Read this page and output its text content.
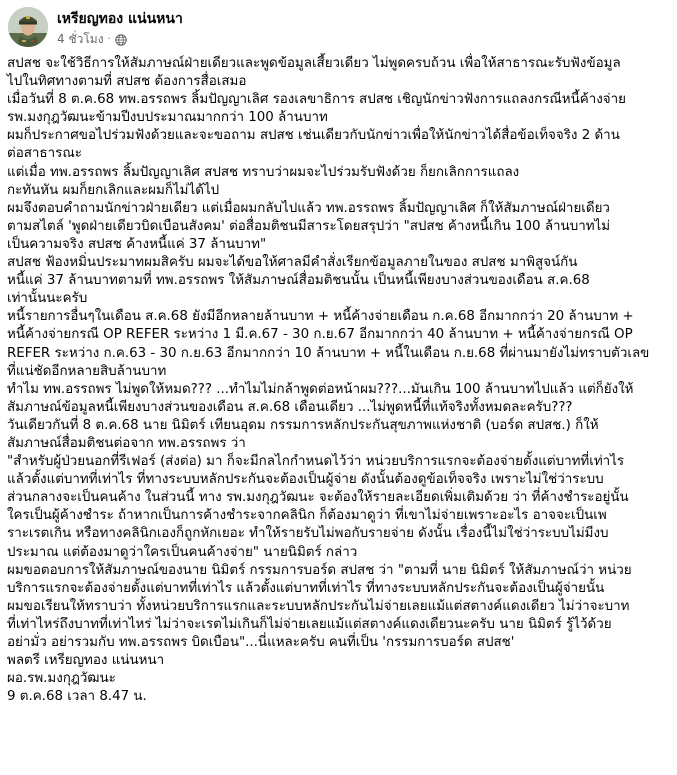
เหรียญทอง แน่นหนา
4 ชั่วโมง ·
สปสช จะใช้วิธีการให้สัมภาษณ์ฝ่ายเดียวและพูดข้อมูลเสี้ยวเดียว ไม่พูดครบถ้วน เพื่อให้สาธารณะรับฟังข้อมูล
ไปในทิศทางตามที่ สปสช ต้องการสื่อเสมอ
เมื่อวันที่ 8 ต.ค.68 ทพ.อรรถพร ลิ้มปัญญาเลิศ รองเลขาธิการ สปสช เชิญนักข่าวฟังการแถลงกรณีหนี้ค้างจ่าย
รพ.มงกุฎวัฒนะข้ามปีงบประมาณมากกว่า 100 ล้านบาท
ผมก็ประกาศขอไปร่วมฟังด้วยและจะขอถาม สปสช เช่นเดียวกับนักข่าวเพื่อให้นักข่าวได้สื่อข้อเท็จจริง 2 ด้าน
ต่อสาธารณะ
แต่เมื่อ ทพ.อรรถพร ลิ้มปัญญาเลิศ สปสช ทราบว่าผมจะไปร่วมรับฟังด้วย ก็ยกเลิกการแถลง
กะทันหัน ผมก็ยกเลิกและผมก็ไม่ได้ไป
ผมจึงตอบคำถามนักข่าวฝ่ายเดียว แต่เมื่อผมกลับไปแล้ว ทพ.อรรถพร ลิ้มปัญญาเลิศ ก็ให้สัมภาษณ์ฝ่ายเดียว
ตามสไตล์ 'พูดฝ่ายเดียวบิดเบือนสังคม' ต่อสื่อมติชนมีสาระโดยสรุปว่า "สปสช ค้างหนี้เกิน 100 ล้านบาทไม่
เป็นความจริง สปสช ค้างหนี้แค่ 37 ล้านบาท"
สปสช ฟ้องหมิ่นประมาทผมสิครับ ผมจะได้ขอให้ศาลมีคำสั่งเรียกข้อมูลภายในของ สปสช มาพิสูจน์กัน
หนี้แค่ 37 ล้านบาทตามที่ ทพ.อรรถพร ให้สัมภาษณ์สื่อมติชนนั้น เป็นหนี้เพียงบางส่วนของเดือน ส.ค.68
เท่านั้นนะครับ
หนี้รายการอื่นๆในเดือน ส.ค.68 ยังมีอีกหลายล้านบาท + หนี้ค้างจ่ายเดือน ก.ค.68 อีกมากกว่า 20 ล้านบาท +
หนี้ค้างจ่ายกรณี OP REFER ระหว่าง 1 มี.ค.67 - 30 ก.ย.67 อีกมากกว่า 40 ล้านบาท + หนี้ค้างจ่ายกรณี OP
REFER ระหว่าง ก.ค.63 - 30 ก.ย.63 อีกมากกว่า 10 ล้านบาท + หนี้ในเดือน ก.ย.68 ที่ผ่านมายังไม่ทราบตัวเลข
ที่แน่ชัดอีกหลายสิบล้านบาท
ทำไม ทพ.อรรถพร ไม่พูดให้หมด??? ...ทำไมไม่กล้าพูดต่อหน้าผม???...มันเกิน 100 ล้านบาทไปแล้ว แต่ก็ยังให้
สัมภาษณ์ข้อมูลหนี้เพียงบางส่วนของเดือน ส.ค.68 เดือนเดียว ...ไม่พูดหนี้ที่แท้จริงทั้งหมดละครับ???
วันเดียวกันที่ 8 ต.ค.68 นาย นิมิตร์ เทียนอุดม กรรมการหลักประกันสุขภาพแห่งชาติ (บอร์ด สปสช.) ก็ให้
สัมภาษณ์สื่อมติชนต่อจาก ทพ.อรรถพร ว่า
"สำหรับผู้ป่วยนอกที่รีเฟอร์ (ส่งต่อ) มา ก็จะมีกลไกกำหนดไว้ว่า หน่วยบริการแรกจะต้องจ่ายตั้งแต่บาทที่เท่าไร
แล้วตั้งแต่บาทที่เท่าไร ที่ทางระบบหลักประกันจะต้องเป็นผู้จ่าย ดังนั้นต้องดูข้อเท็จจริง เพราะไม่ใช่ว่าระบบ
ส่วนกลางจะเป็นคนค้าง ในส่วนนี้ ทาง รพ.มงกุฎวัฒนะ จะต้องให้รายละเอียดเพิ่มเติมด้วย ว่า ที่ค้างชำระอยู่นั้น
ใครเป็นผู้ค้างชำระ ถ้าหากเป็นการค้างชำระจากคลินิก ก็ต้องมาดูว่า ที่เขาไม่จ่ายเพราะอะไร อาจจะเป็นเพ
ราะเรตเกิน หรือทางคลินิกเองก็ถูกหักเยอะ ทำให้รายรับไม่พอกับรายจ่าย ดังนั้น เรื่องนี้ไม่ใช่ว่าระบบไม่มีงบ
ประมาณ แต่ต้องมาดูว่าใครเป็นคนค้างจ่าย" นายนิมิตร์ กล่าว
ผมขอตอบการให้สัมภาษณ์ของนาย นิมิตร์ กรรมการบอร์ด สปสช ว่า "ตามที่ นาย นิมิตร์ ให้สัมภาษณ์ว่า หน่วย
บริการแรกจะต้องจ่ายตั้งแต่บาทที่เท่าไร แล้วตั้งแต่บาทที่เท่าไร ที่ทางระบบหลักประกันจะต้องเป็นผู้จ่ายนั้น
ผมขอเรียนให้ทราบว่า ทั้งหน่วยบริการแรกและระบบหลักประกันไม่จ่ายเลยแม้แต่สตางค์แดงเดียว ไม่ว่าจะบาท
ที่เท่าไหร่ถึงบาทที่เท่าไหร่ ไม่ว่าจะเรตไม่เกินก็ไม่จ่ายเลยแม้แต่สตางค์แดงเดียวนะครับ นาย นิมิตร์ รู้ไว้ด้วย
อย่ามั่ว อย่ารวมกับ ทพ.อรรถพร บิดเบือน"...นี่แหละครับ คนที่เป็น 'กรรมการบอร์ด สปสช'
พลตรี เหรียญทอง แน่นหนา
ผอ.รพ.มงกุฎวัฒนะ
9 ต.ค.68 เวลา 8.47 น.
